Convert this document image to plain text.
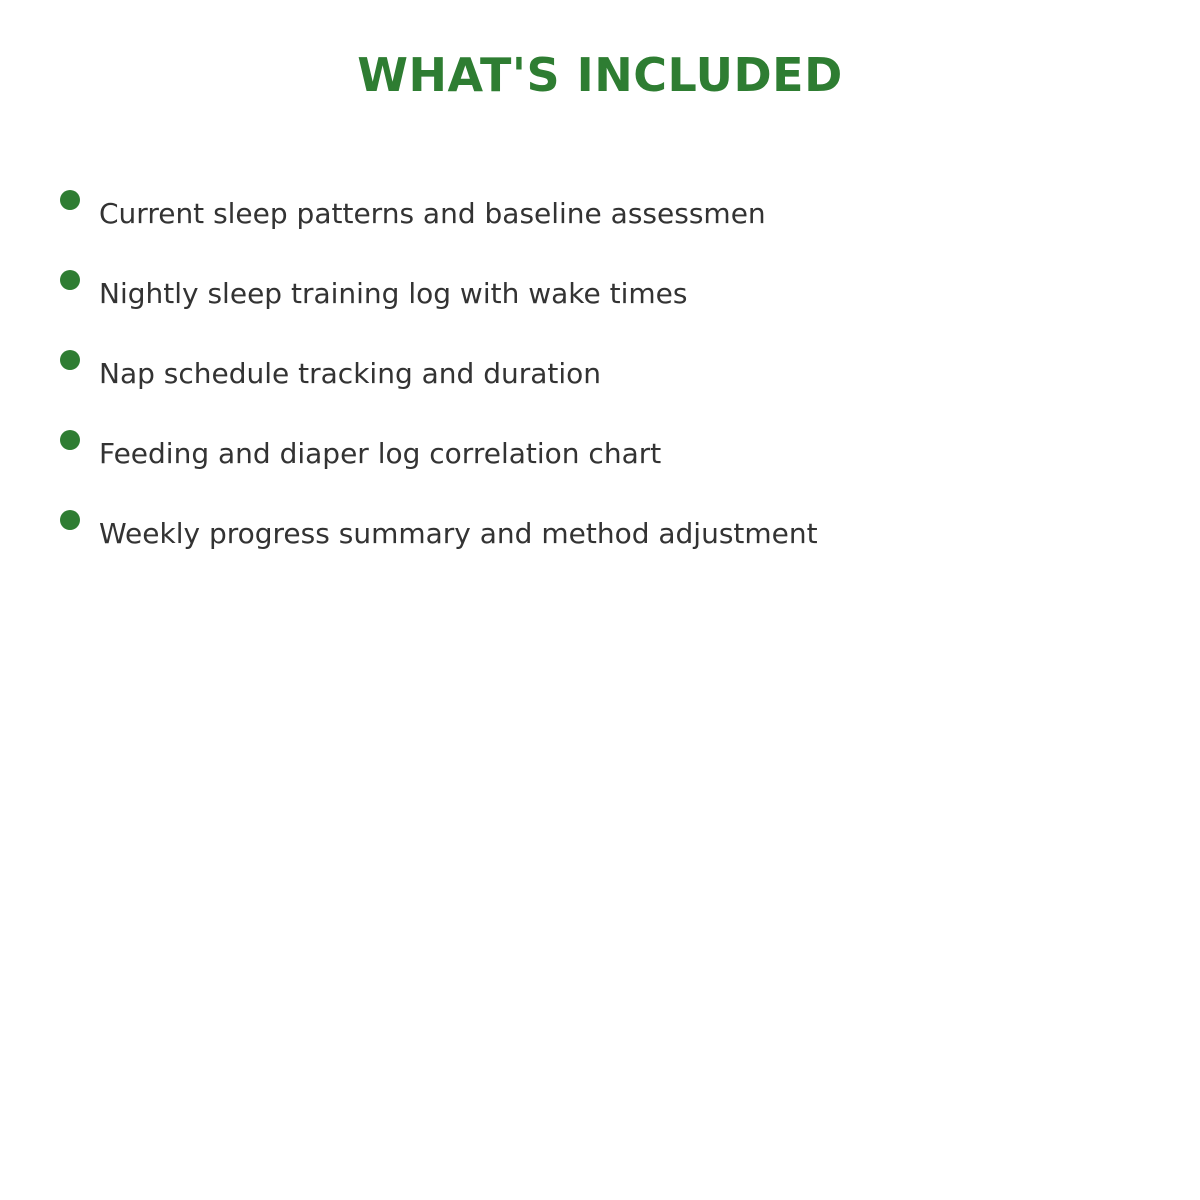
WHAT'S INCLUDED
Current sleep patterns and baseline assessmen
Nightly sleep training log with wake times
Nap schedule tracking and duration
Feeding and diaper log correlation chart
Weekly progress summary and method adjustment
